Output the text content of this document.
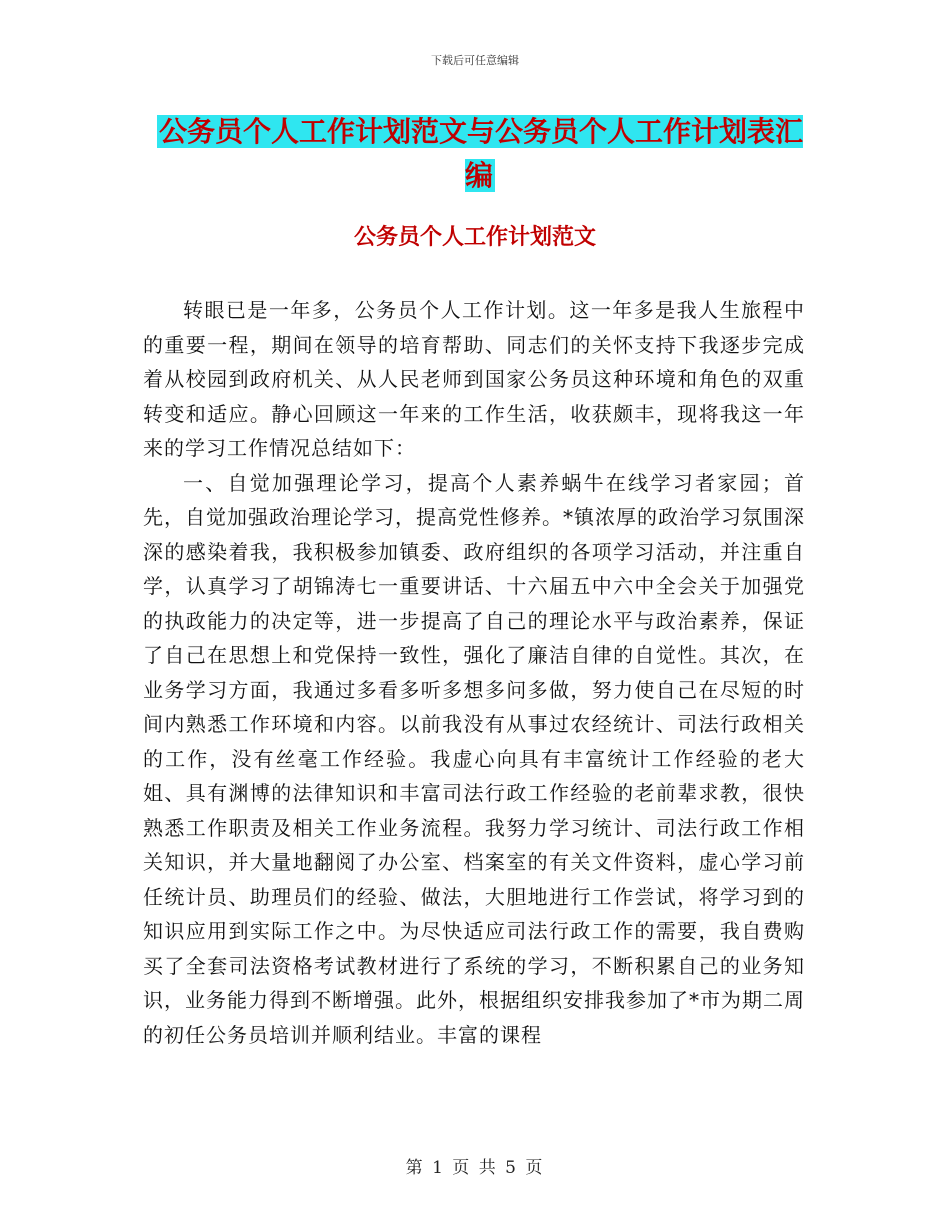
下载后可任意编辑
公务员个人工作计划范文与公务员个人工作计划表汇编
公务员个人工作计划范文

转眼已是一年多，公务员个人工作计划。这一年多是我人生旅程中的重要一程，期间在领导的培育帮助、同志们的关怀支持下我逐步完成着从校园到政府机关、从人民老师到国家公务员这种环境和角色的双重转变和适应。静心回顾这一年来的工作生活，收获颇丰，现将我这一年来的学习工作情况总结如下：

一、自觉加强理论学习，提高个人素养蜗牛在线学习者家园；首先，自觉加强政治理论学习，提高党性修养。*镇浓厚的政治学习氛围深深的感染着我，我积极参加镇委、政府组织的各项学习活动，并注重自学，认真学习了胡锦涛七一重要讲话、十六届五中六中全会关于加强党的执政能力的决定等，进一步提高了自己的理论水平与政治素养，保证了自己在思想上和党保持一致性，强化了廉洁自律的自觉性。其次，在业务学习方面，我通过多看多听多想多问多做，努力使自己在尽短的时间内熟悉工作环境和内容。以前我没有从事过农经统计、司法行政相关的工作，没有丝毫工作经验。我虚心向具有丰富统计工作经验的老大姐、具有渊博的法律知识和丰富司法行政工作经验的老前辈求教，很快熟悉工作职责及相关工作业务流程。我努力学习统计、司法行政工作相关知识，并大量地翻阅了办公室、档案室的有关文件资料，虚心学习前任统计员、助理员们的经验、做法，大胆地进行工作尝试，将学习到的知识应用到实际工作之中。为尽快适应司法行政工作的需要，我自费购买了全套司法资格考试教材进行了系统的学习，不断积累自己的业务知识，业务能力得到不断增强。此外，根据组织安排我参加了*市为期二周的初任公务员培训并顺利结业。丰富的课程

第 1 页 共 5 页
